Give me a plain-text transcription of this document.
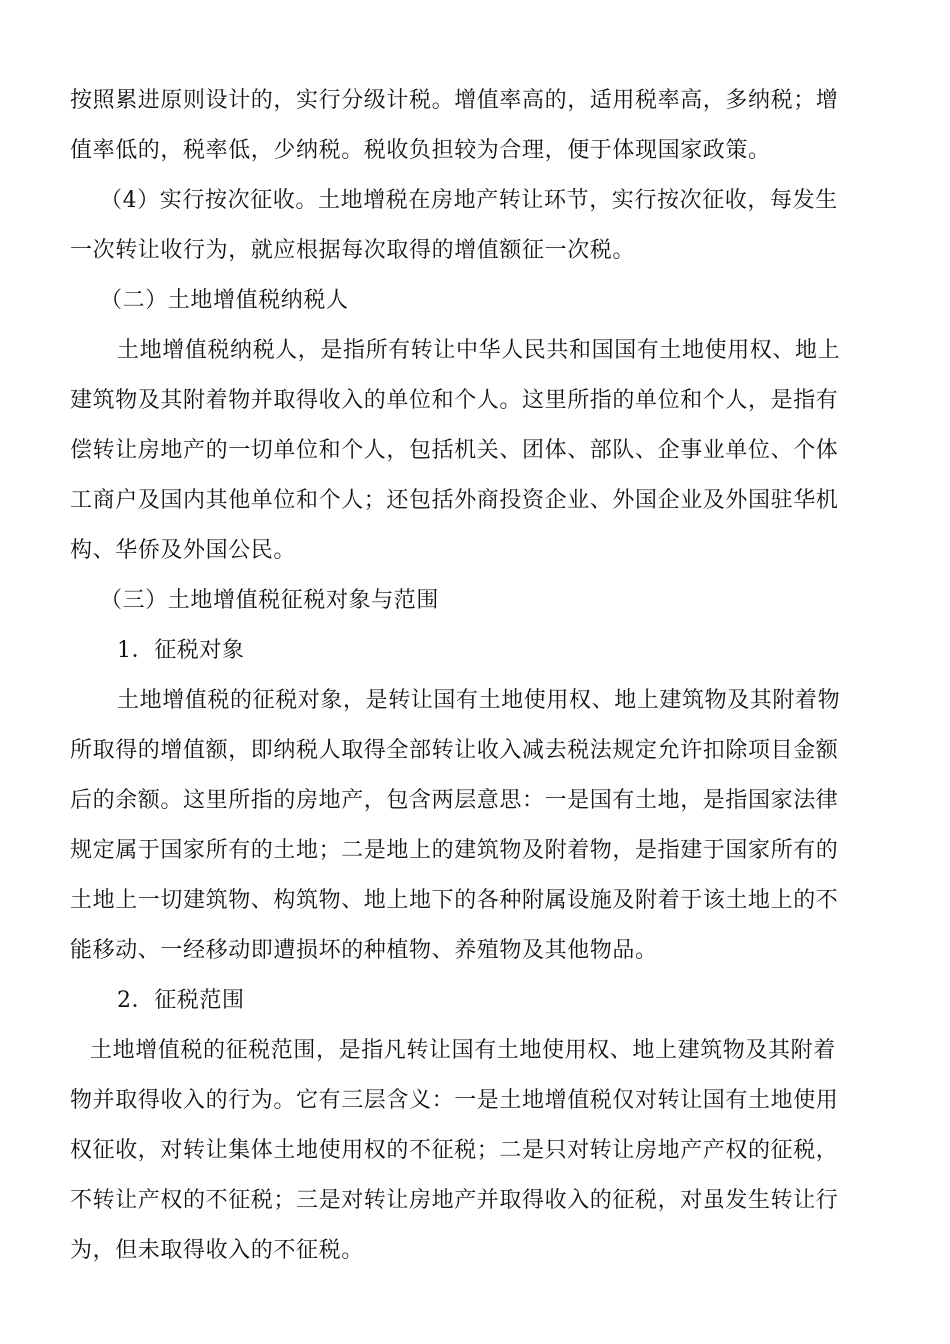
按照累进原则设计的，实行分级计税。增值率高的，适用税率高，多纳税；增
值率低的，税率低，少纳税。税收负担较为合理，便于体现国家政策。
（4）实行按次征收。土地增税在房地产转让环节，实行按次征收，每发生
一次转让收行为，就应根据每次取得的增值额征一次税。
（二）土地增值税纳税人
土地增值税纳税人，是指所有转让中华人民共和国国有土地使用权、地上
建筑物及其附着物并取得收入的单位和个人。这里所指的单位和个人，是指有
偿转让房地产的一切单位和个人，包括机关、团体、部队、企事业单位、个体
工商户及国内其他单位和个人；还包括外商投资企业、外国企业及外国驻华机
构、华侨及外国公民。
（三）土地增值税征税对象与范围
1．征税对象
土地增值税的征税对象，是转让国有土地使用权、地上建筑物及其附着物
所取得的增值额，即纳税人取得全部转让收入减去税法规定允许扣除项目金额
后的余额。这里所指的房地产，包含两层意思：一是国有土地，是指国家法律
规定属于国家所有的土地；二是地上的建筑物及附着物，是指建于国家所有的
土地上一切建筑物、构筑物、地上地下的各种附属设施及附着于该土地上的不
能移动、一经移动即遭损坏的种植物、养殖物及其他物品。
2．征税范围
土地增值税的征税范围，是指凡转让国有土地使用权、地上建筑物及其附着
物并取得收入的行为。它有三层含义：一是土地增值税仅对转让国有土地使用
权征收，对转让集体土地使用权的不征税；二是只对转让房地产产权的征税，
不转让产权的不征税；三是对转让房地产并取得收入的征税，对虽发生转让行
为，但未取得收入的不征税。
